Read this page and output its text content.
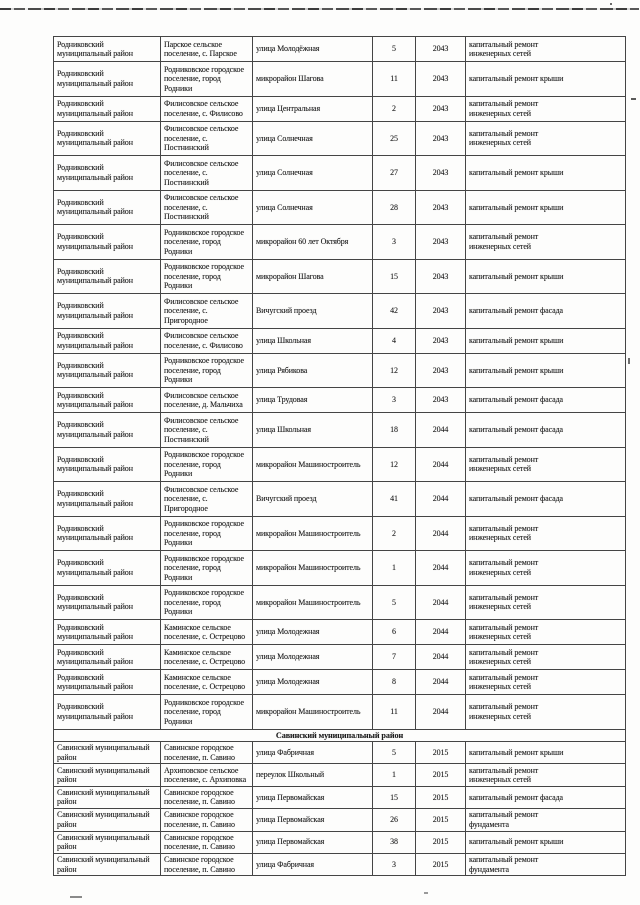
Родниковский муниципальный район	Парское сельское поселение, с. Парское	улица Молодёжная	5	2043	капитальный ремонт инженерных сетей
Родниковский муниципальный район	Родниковское городское поселение, город Родники	микрорайон Шагова	11	2043	капитальный ремонт крыши
Родниковский муниципальный район	Филисовское сельское поселение, с. Филисово	улица Центральная	2	2043	капитальный ремонт инженерных сетей
Родниковский муниципальный район	Филисовское сельское поселение, с. Постнинский	улица Солнечная	25	2043	капитальный ремонт инженерных сетей
Родниковский муниципальный район	Филисовское сельское поселение, с. Постнинский	улица Солнечная	27	2043	капитальный ремонт крыши
Родниковский муниципальный район	Филисовское сельское поселение, с. Постнинский	улица Солнечная	28	2043	капитальный ремонт крыши
Родниковский муниципальный район	Родниковское городское поселение, город Родники	микрорайон 60 лет Октября	3	2043	капитальный ремонт инженерных сетей
Родниковский муниципальный район	Родниковское городское поселение, город Родники	микрорайон Шагова	15	2043	капитальный ремонт крыши
Родниковский муниципальный район	Филисовское сельское поселение, с. Пригородное	Вичугский проезд	42	2043	капитальный ремонт фасада
Родниковский муниципальный район	Филисовское сельское поселение, с. Филисово	улица Школьная	4	2043	капитальный ремонт крыши
Родниковский муниципальный район	Родниковское городское поселение, город Родники	улица Рябикова	12	2043	капитальный ремонт крыши
Родниковский муниципальный район	Филисовское сельское поселение, д. Мальчиха	улица Трудовая	3	2043	капитальный ремонт фасада
Родниковский муниципальный район	Филисовское сельское поселение, с. Постнинский	улица Школьная	18	2044	капитальный ремонт фасада
Родниковский муниципальный район	Родниковское городское поселение, город Родники	микрорайон Машиностроитель	12	2044	капитальный ремонт инженерных сетей
Родниковский муниципальный район	Филисовское сельское поселение, с. Пригородное	Вичугский проезд	41	2044	капитальный ремонт фасада
Родниковский муниципальный район	Родниковское городское поселение, город Родники	микрорайон Машиностроитель	2	2044	капитальный ремонт инженерных сетей
Родниковский муниципальный район	Родниковское городское поселение, город Родники	микрорайон Машиностроитель	1	2044	капитальный ремонт инженерных сетей
Родниковский муниципальный район	Родниковское городское поселение, город Родники	микрорайон Машиностроитель	5	2044	капитальный ремонт инженерных сетей
Родниковский муниципальный район	Каминское сельское поселение, с. Острецово	улица Молодежная	6	2044	капитальный ремонт инженерных сетей
Родниковский муниципальный район	Каминское сельское поселение, с. Острецово	улица Молодежная	7	2044	капитальный ремонт инженерных сетей
Родниковский муниципальный район	Каминское сельское поселение, с. Острецово	улица Молодежная	8	2044	капитальный ремонт инженерных сетей
Родниковский муниципальный район	Родниковское городское поселение, город Родники	микрорайон Машиностроитель	11	2044	капитальный ремонт инженерных сетей
Савинский муниципальный район					
Савинский муниципальный район	Савинское городское поселение, п. Савино	улица Фабричная	5	2015	капитальный ремонт крыши
Савинский муниципальный район	Архиповское сельское поселение, с. Архиповка	переулок Школьный	1	2015	капитальный ремонт инженерных сетей
Савинский муниципальный район	Савинское городское поселение, п. Савино	улица Первомайская	15	2015	капитальный ремонт фасада
Савинский муниципальный район	Савинское городское поселение, п. Савино	улица Первомайская	26	2015	капитальный ремонт фундамента
Савинский муниципальный район	Савинское городское поселение, п. Савино	улица Первомайская	38	2015	капитальный ремонт крыши
Савинский муниципальный район	Савинское городское поселение, п. Савино	улица Фабричная	3	2015	капитальный ремонт фундамента
